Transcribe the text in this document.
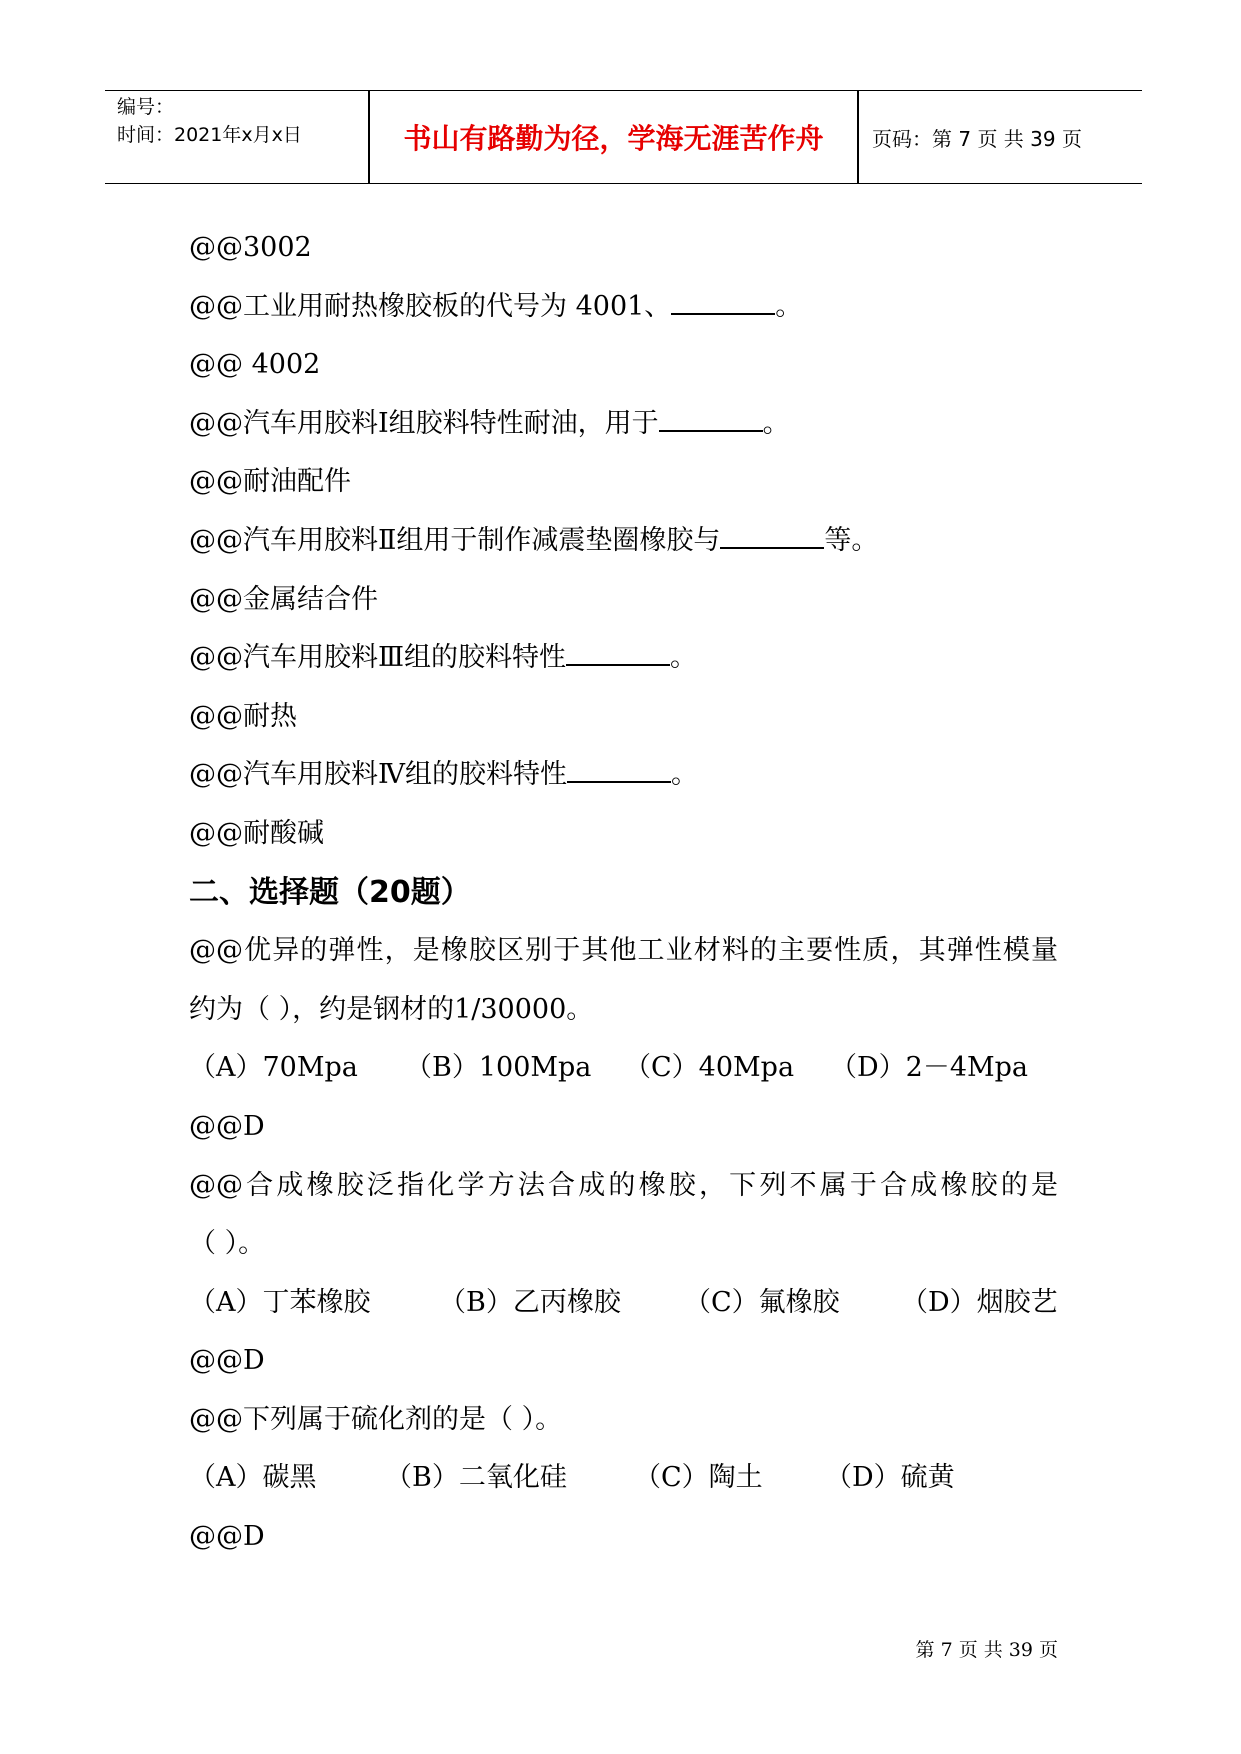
编号：
时间：2021年x月x日	书山有路勤为径，学海无涯苦作舟	页码：第 7 页 共 39 页
@@3002
@@工业用耐热橡胶板的代号为 4001、	。
@@ 4002
@@汽车用胶料Ⅰ组胶料特性耐油，用于	。
@@耐油配件
@@汽车用胶料Ⅱ组用于制作减震垫圈橡胶与	等。
@@金属结合件
@@汽车用胶料Ⅲ组的胶料特性	。
@@耐热
@@汽车用胶料Ⅳ组的胶料特性	。
@@耐酸碱
二、选择题（20题）
@@优异的弹性，是橡胶区别于其他工业材料的主要性质，其弹性模量
约为（ ），约是钢材的1/30000。
（A）70Mpa （B）100Mpa （C）40Mpa （D）2－4Mpa
@@D
@@合成橡胶泛指化学方法合成的橡胶，下列不属于合成橡胶的是
（ ）。
（A）丁苯橡胶	（B）乙丙橡胶 （C）氟橡胶 （D）烟胶艺
@@D
@@下列属于硫化剂的是（ ）。
（A）碳黑	（B）二氧化硅 （C）陶土 （D）硫黄
@@D
第 7 页 共 39 页
